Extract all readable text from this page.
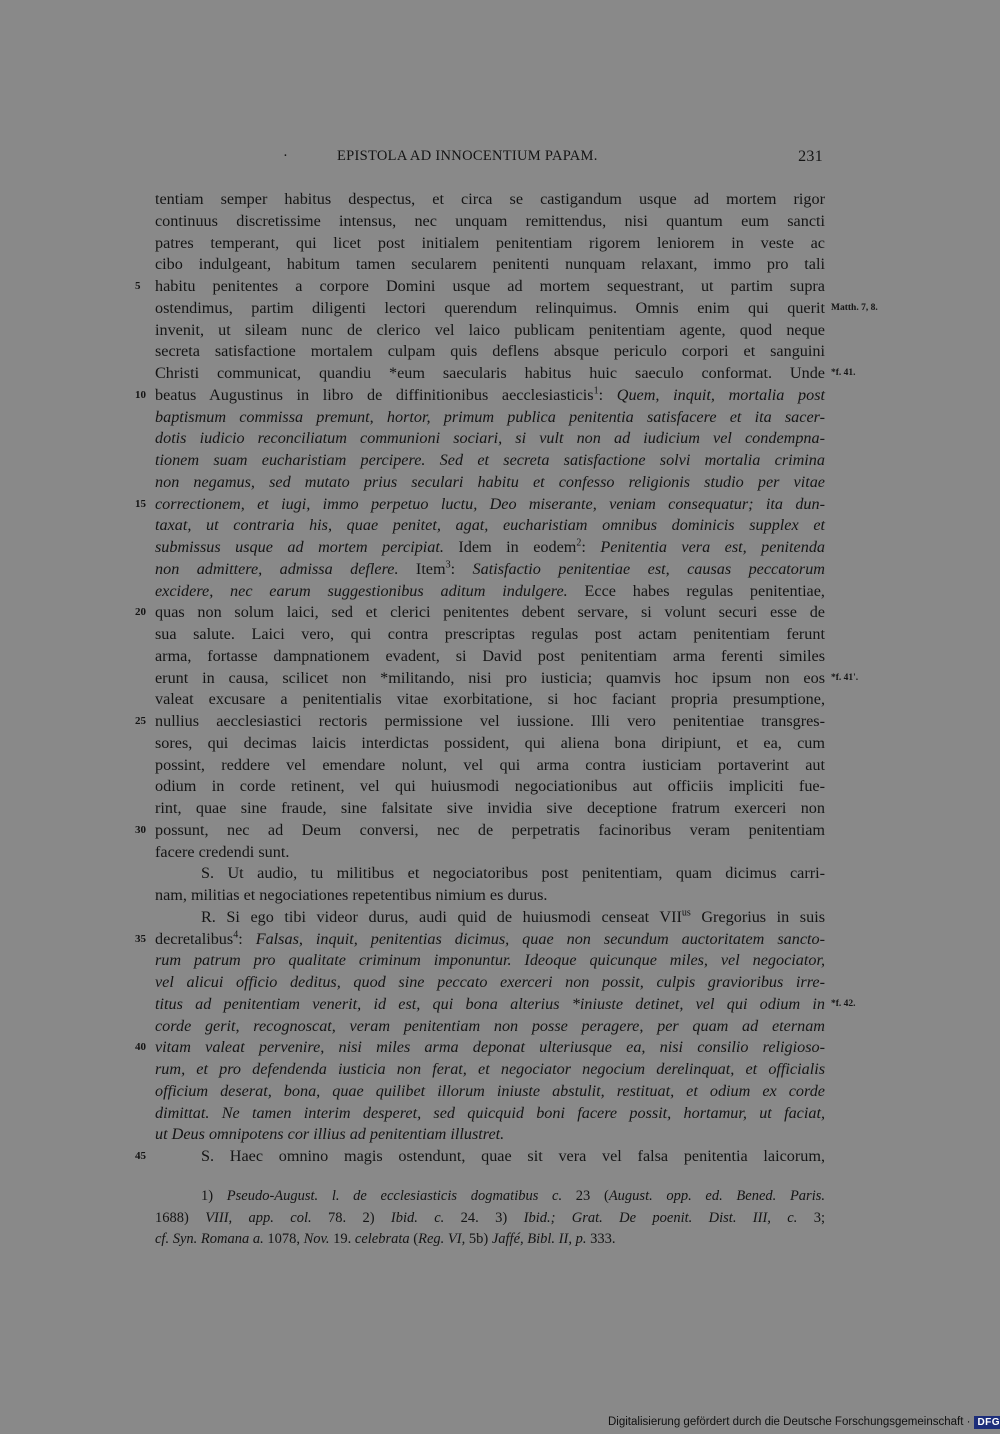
·	EPISTOLA AD INNOCENTIUM PAPAM.	231
tentiam semper habitus despectus, et circa se castigandum usque ad mortem rigor
continuus discretissime intensus, nec unquam remittendus, nisi quantum eum sancti
patres temperant, qui licet post initialem penitentiam rigorem leniorem in veste ac
cibo indulgeant, habitum tamen secularem penitenti nunquam relaxant, immo pro tali
5 habitu penitentes a corpore Domini usque ad mortem sequestrant, ut partim supra
ostendimus, partim diligenti lectori querendum relinquimus. Omnis enim qui querit Matth. 7, 8.
invenit, ut sileam nunc de clerico vel laico publicam penitentiam agente, quod neque
secreta satisfactione mortalem culpam quis deflens absque periculo corpori et sanguini
Christi communicat, quandiu *eum saecularis habitus huic saeculo conformat. Unde *f. 41.
10 beatus Augustinus in libro de diffinitionibus aecclesiasticis$^1$: Quem, inquit, mortalia post
baptismum commissa premunt, hortor, primum publica penitentia satisfacere et ita sacer-
dotis iudicio reconciliatum communioni sociari, si vult non ad iudicium vel condempna-
tionem suam eucharistiam percipere. Sed et secreta satisfactione solvi mortalia crimina
non negamus, sed mutato prius seculari habitu et confesso religionis studio per vitae
15 correctionem, et iugi, immo perpetuo luctu, Deo miserante, veniam consequatur; ita dun-
taxat, ut contraria his, quae penitet, agat, eucharistiam omnibus dominicis supplex et
submissus usque ad mortem percipiat. Idem in eodem$^2$: Penitentia vera est, penitenda
non admittere, admissa deflere. Item$^3$: Satisfactio penitentiae est, causas peccatorum
excidere, nec earum suggestionibus aditum indulgere. Ecce habes regulas penitentiae,
20 quas non solum laici, sed et clerici penitentes debent servare, si volunt securi esse de
sua salute. Laici vero, qui contra prescriptas regulas post actam penitentiam ferunt
arma, fortasse dampnationem evadent, si David post penitentiam arma ferenti similes
erunt in causa, scilicet non *militando, nisi pro iusticia; quamvis hoc ipsum non eos *f. 41'.
valeat excusare a penitentialis vitae exorbitatione, si hoc faciant propria presumptione,
25 nullius aecclesiastici rectoris permissione vel iussione. Illi vero penitentiae transgres-
sores, qui decimas laicis interdictas possident, qui aliena bona diripiunt, et ea, cum
possint, reddere vel emendare nolunt, vel qui arma contra iusticiam portaverint aut
odium in corde retinent, vel qui huiusmodi negociationibus aut officiis impliciti fue-
rint, quae sine fraude, sine falsitate sive invidia sive deceptione fratrum exerceri non
30 possunt, nec ad Deum conversi, nec de perpetratis facinoribus veram penitentiam
facere credendi sunt.
S. Ut audio, tu militibus et negociatoribus post penitentiam, quam dicimus carri-
nam, militias et negociationes repetentibus nimium es durus.
R. Si ego tibi videor durus, audi quid de huiusmodi censeat $VII^{us}$ Gregorius in suis
35 decretalibus$^4$: Falsas, inquit, penitentias dicimus, quae non secundum auctoritatem sancto-
rum patrum pro qualitate criminum imponuntur. Ideoque quicunque miles, vel negociator,
vel alicui officio deditus, quod sine peccato exerceri non possit, culpis gravioribus irre-
titus ad penitentiam venerit, id est, qui bona alterius *iniuste detinet, vel qui odium in *f. 42.
corde gerit, recognoscat, veram penitentiam non posse peragere, per quam ad eternam
40 vitam valeat pervenire, nisi miles arma deponat ulteriusque ea, nisi consilio religioso-
rum, et pro defendenda iusticia non ferat, et negociator negocium derelinquat, et officialis
officium deserat, bona, quae quilibet illorum iniuste abstulit, restituat, et odium ex corde
dimittat. Ne tamen interim desperet, sed quicquid boni facere possit, hortamur, ut faciat,
ut Deus omnipotens cor illius ad penitentiam illustret.
45	S. Haec omnino magis ostendunt, quae sit vera vel falsa penitentia laicorum,
1) Pseudo-August. l. de ecclesiasticis dogmatibus c. 23 (August. opp. ed. Bened. Paris.
1688) VIII, app. col. 78. 2) Ibid. c. 24. 3) Ibid.; Grat. De poenit. Dist. III, c. 3;
cf. Syn. Romana a. 1078, Nov. 19. celebrata (Reg. VI, 5b) Jaffé, Bibl. II, p. 333.
Digitalisierung gefördert durch die Deutsche Forschungsgemeinschaft · DFG
